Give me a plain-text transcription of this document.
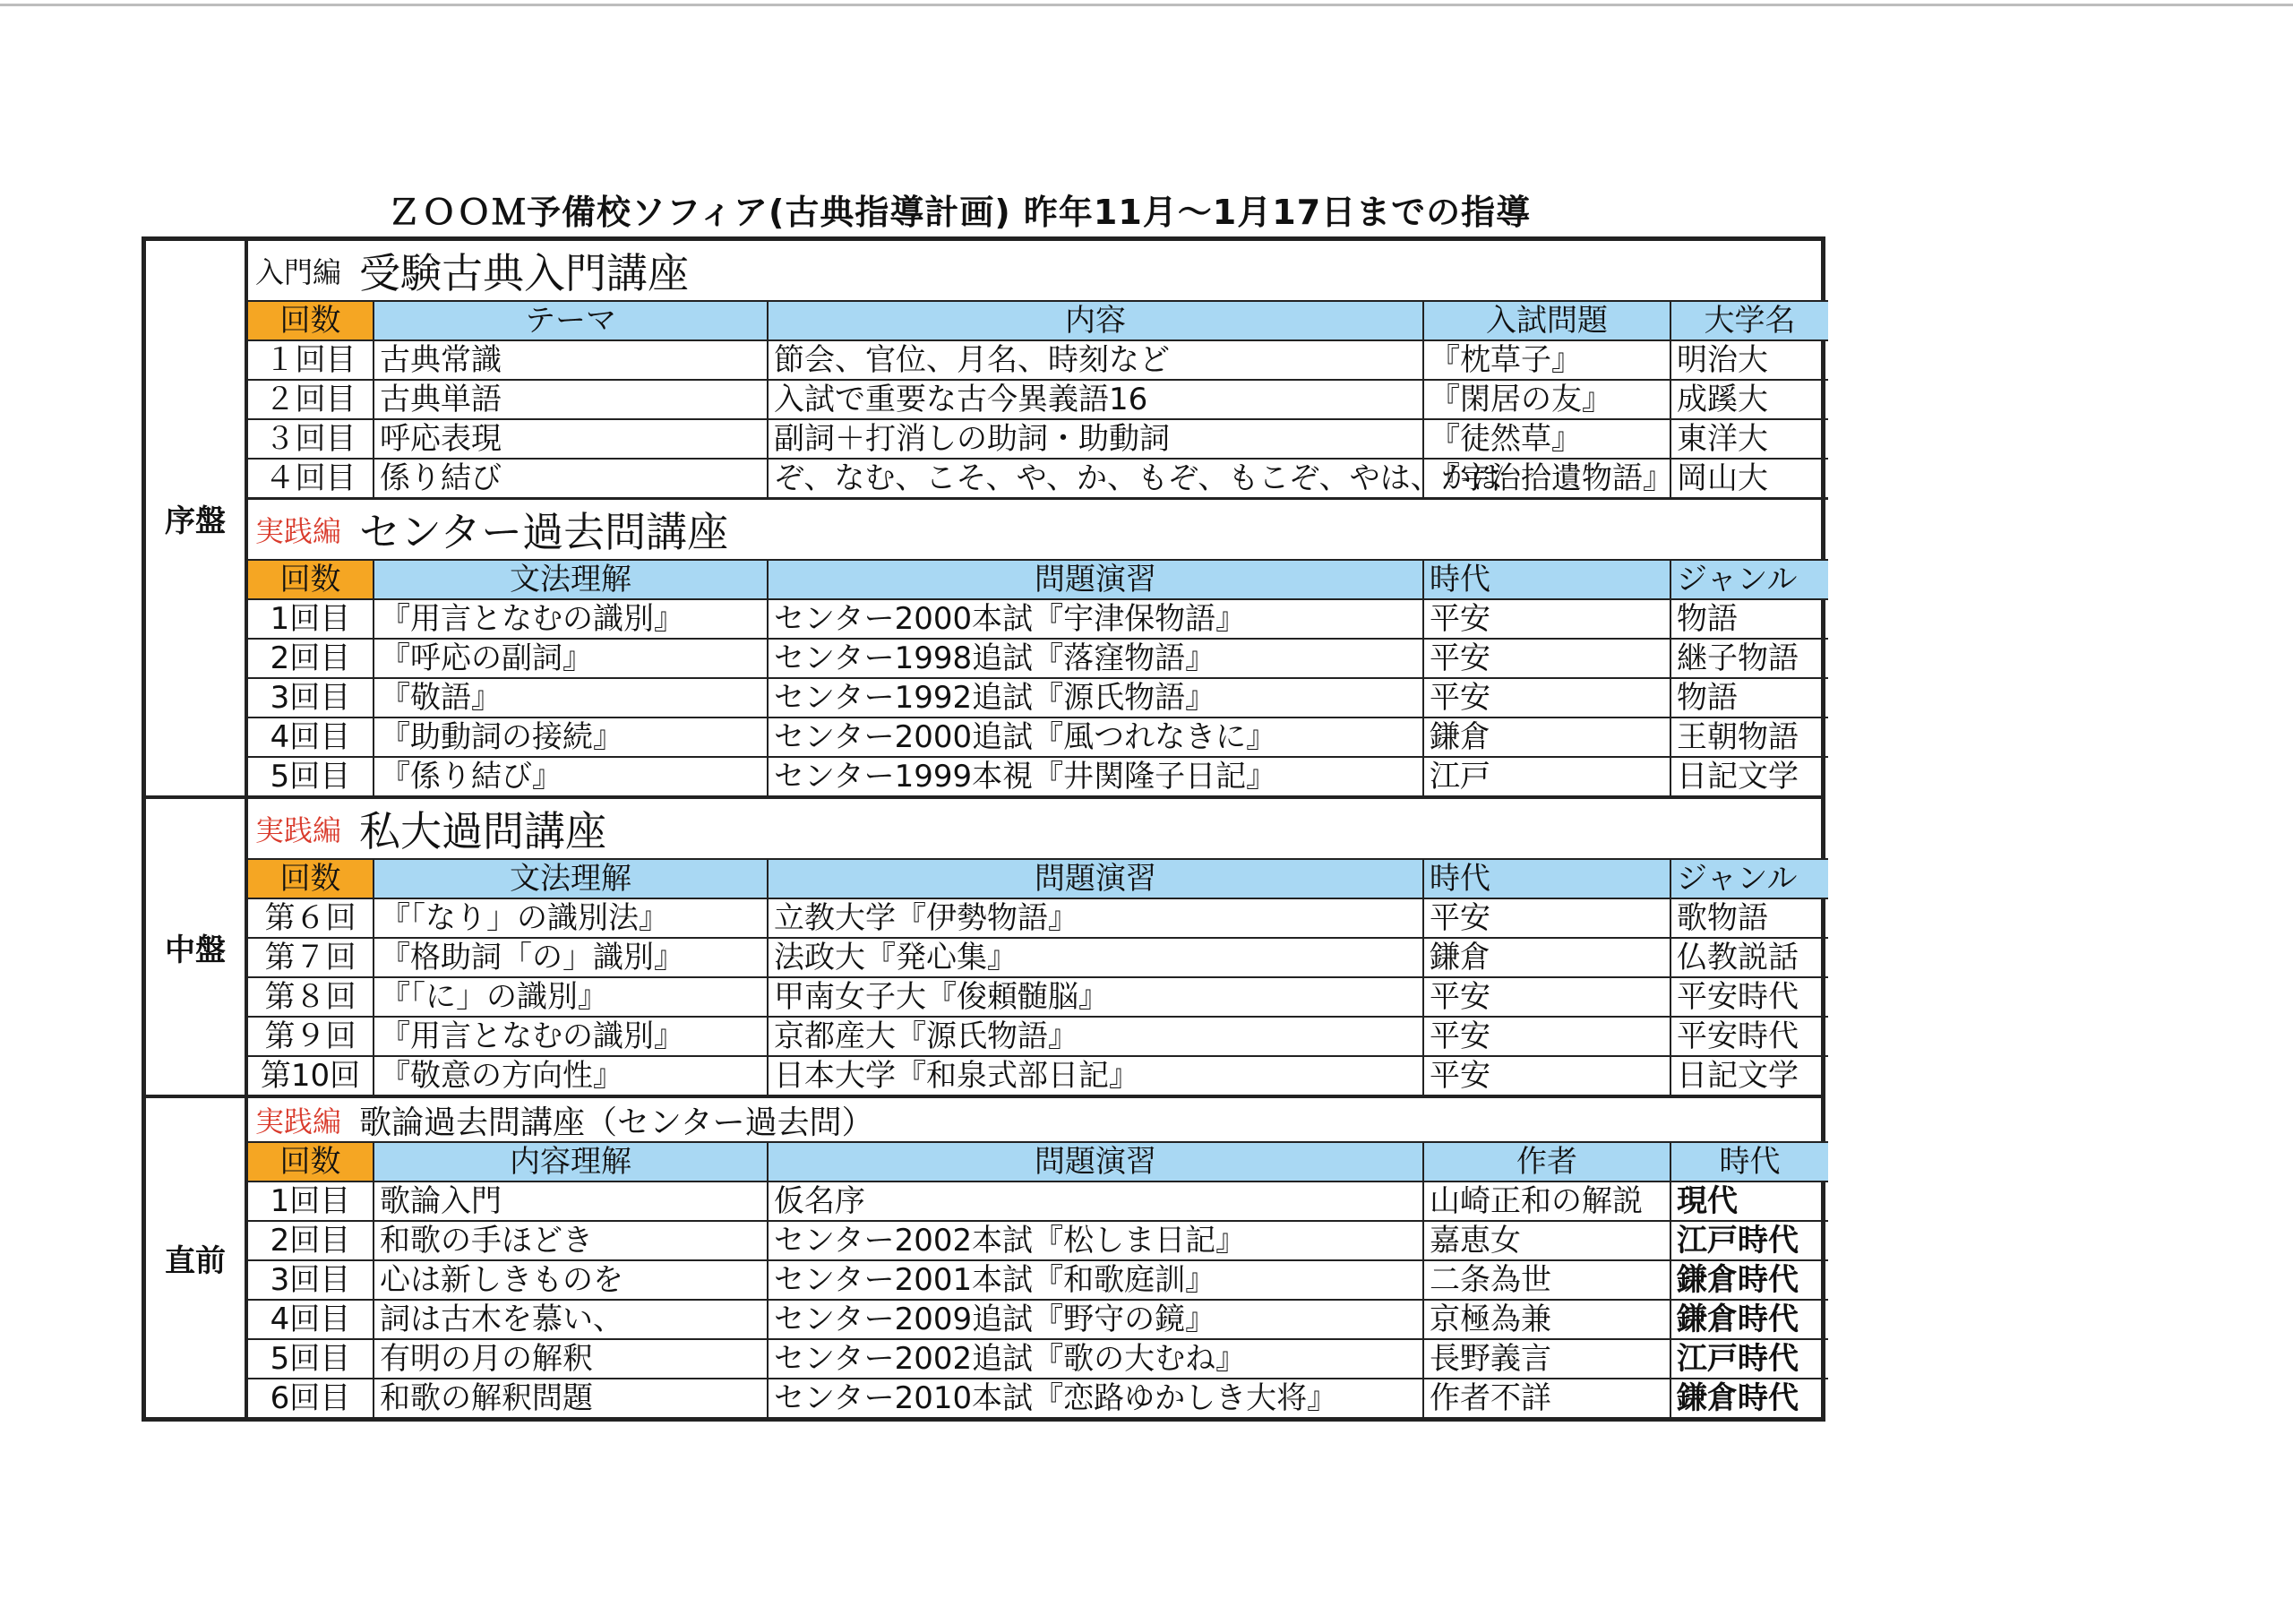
ＺＯＯＭ予備校ソフィア(古典指導計画) 昨年11月～1月17日までの指導
序盤
入門編 受験古典入門講座
回数	テーマ	内容	入試問題	大学名
１回目	古典常識	節会、官位、月名、時刻など	『枕草子』	明治大
２回目	古典単語	入試で重要な古今異義語16	『閑居の友』	成蹊大
３回目	呼応表現	副詞＋打消しの助詞・助動詞	『徒然草』	東洋大
４回目	係り結び	ぞ、なむ、こそ、や、か、もぞ、もこぞ、やは、かは	『宇治拾遺物語』	岡山大
実践編 センター過去問講座
回数	文法理解	問題演習	時代	ジャンル
1回目	『用言となむの識別』	センター2000本試『宇津保物語』	平安	物語
2回目	『呼応の副詞』	センター1998追試『落窪物語』	平安	継子物語
3回目	『敬語』	センター1992追試『源氏物語』	平安	物語
4回目	『助動詞の接続』	センター2000追試『風つれなきに』	鎌倉	王朝物語
5回目	『係り結び』	センター1999本視『井関隆子日記』	江戸	日記文学
中盤
実践編 私大過問講座
回数	文法理解	問題演習	時代	ジャンル
第６回	『「なり」の識別法』	立教大学『伊勢物語』	平安	歌物語
第７回	『格助詞「の」識別』	法政大『発心集』	鎌倉	仏教説話
第８回	『「に」の識別』	甲南女子大『俊頼髄脳』	平安	平安時代
第９回	『用言となむの識別』	京都産大『源氏物語』	平安	平安時代
第10回	『敬意の方向性』	日本大学『和泉式部日記』	平安	日記文学
直前
実践編 歌論過去問講座（センター過去問）
回数	内容理解	問題演習	作者	時代
1回目	歌論入門	仮名序	山崎正和の解説	現代
2回目	和歌の手ほどき	センター2002本試『松しま日記』	嘉恵女	江戸時代
3回目	心は新しきものを	センター2001本試『和歌庭訓』	二条為世	鎌倉時代
4回目	詞は古木を慕い、	センター2009追試『野守の鏡』	京極為兼	鎌倉時代
5回目	有明の月の解釈	センター2002追試『歌の大むね』	長野義言	江戸時代
6回目	和歌の解釈問題	センター2010本試『恋路ゆかしき大将』	作者不詳	鎌倉時代
